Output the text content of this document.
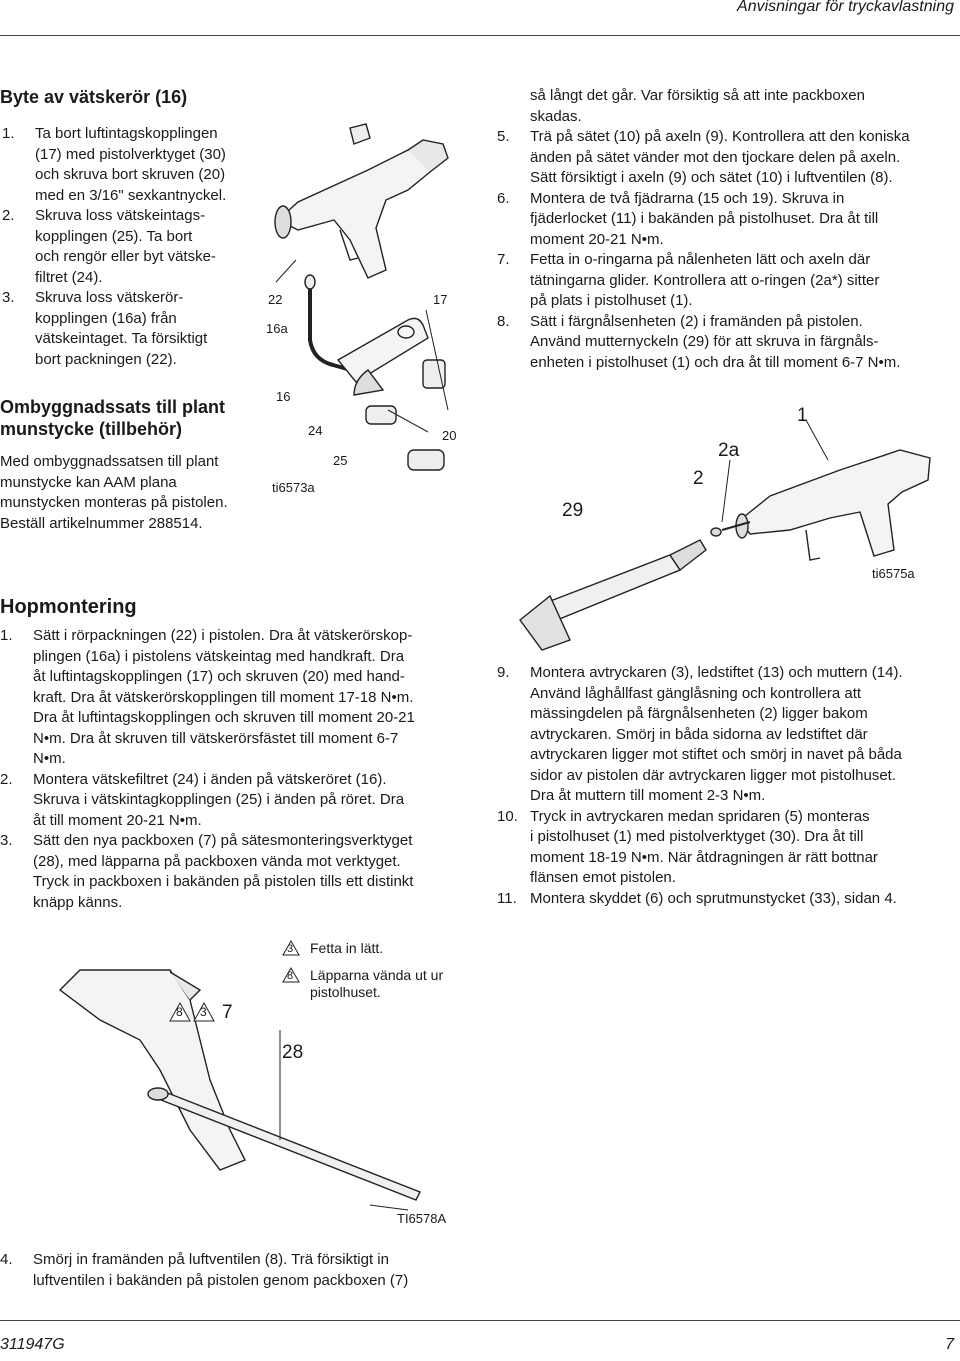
Anvisningar för tryckavlastning
Byte av vätskerör (16)
1. Ta bort luftintagskopplingen
(17) med pistolverktyget (30)
och skruva bort skruven (20)
med en 3/16" sexkantnyckel.
2. Skruva loss vätskeintags-
kopplingen (25). Ta bort
och rengör eller byt vätske-
filtret (24).
3. Skruva loss vätskerör-
kopplingen (16a) från
vätskeintaget. Ta försiktigt
bort packningen (22).
Ombyggnadssats till plant
munstycke (tillbehör)
Med ombyggnadssatsen till plant
munstycke kan AAM plana
munstycken monteras på pistolen.
Beställ artikelnummer 288514.
22
16a
17
16
24	20
25
ti6573a
så långt det går. Var försiktig så att inte packboxen
skadas.
5. Trä på sätet (10) på axeln (9). Kontrollera att den koniska
änden på sätet vänder mot den tjockare delen på axeln.
Sätt försiktigt i axeln (9) och sätet (10) i luftventilen (8).
6. Montera de två fjädrarna (15 och 19). Skruva in
fjäderlocket (11) i bakänden på pistolhuset. Dra åt till
moment 20-21 N•m.
7. Fetta in o-ringarna på nålenheten lätt och axeln där
tätningarna glider. Kontrollera att o-ringen (2a*) sitter
på plats i pistolhuset (1).
8. Sätt i färgnålsenheten (2) i framänden på pistolen.
Använd mutternyckeln (29) för att skruva in färgnåls-
enheten i pistolhuset (1) och dra åt till moment 6-7 N•m.
1
2a
2
29
ti6575a
Hopmontering
1. Sätt i rörpackningen (22) i pistolen. Dra åt vätskerörskop-
plingen (16a) i pistolens vätskeintag med handkraft. Dra
åt luftintagskopplingen (17) och skruven (20) med hand-
kraft. Dra åt vätskerörskopplingen till moment 17-18 N•m.
Dra åt luftintagskopplingen och skruven till moment 20-21
N•m. Dra åt skruven till vätskerörsfästet till moment 6-7
N•m.
2. Montera vätskefiltret (24) i änden på vätskeröret (16).
Skruva i vätskintagkopplingen (25) i änden på röret. Dra
åt till moment 20-21 N•m.
3. Sätt den nya packboxen (7) på sätesmonteringsverktyget
(28), med läpparna på packboxen vända mot verktyget.
Tryck in packboxen i bakänden på pistolen tills ett distinkt
knäpp känns.
9. Montera avtryckaren (3), ledstiftet (13) och muttern (14).
Använd låghållfast gänglåsning och kontrollera att
mässingdelen på färgnålsenheten (2) ligger bakom
avtryckaren. Smörj in båda sidorna av ledstiftet där
avtryckaren ligger mot stiftet och smörj in navet på båda
sidor av pistolen där avtryckaren ligger mot pistolhuset.
Dra åt muttern till moment 2-3 N•m.
10. Tryck in avtryckaren medan spridaren (5) monteras
i pistolhuset (1) med pistolverktyget (30). Dra åt till
moment 18-19 N•m. När åtdragningen är rätt bottnar
flänsen emot pistolen.
11. Montera skyddet (6) och sprutmunstycket (33), sidan 4.
3 Fetta in lätt.
8 Läpparna vända ut ur
pistolhuset.
8 3 7
28
TI6578A
4. Smörj in framänden på luftventilen (8). Trä försiktigt in
luftventilen i bakänden på pistolen genom packboxen (7)
311947G	7
